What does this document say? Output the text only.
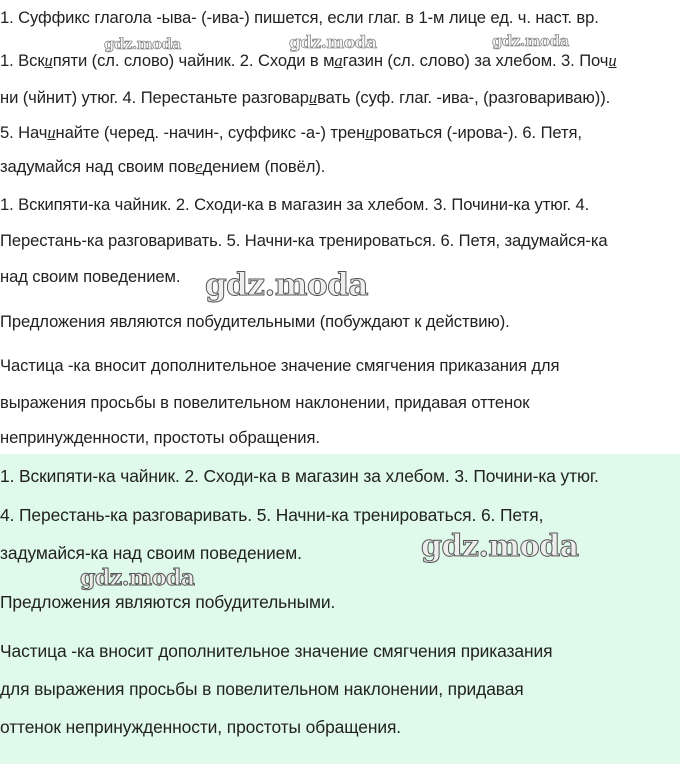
1. Суффикс глагола -ыва- (-ива-) пишется, если глаг. в 1-м лице ед. ч. наст. вр.
1. Вскипяти (сл. слово) чайник. 2. Сходи в магазин (сл. слово) за хлебом. 3. Почи
ни (чйнит) утюг. 4. Перестаньте разговаривать (суф. глаг. -ива-, (разговариваю)).
5. Начинайте (черед. -начин-, суффикс -а-) тренироваться (-ирова-). 6. Петя,
задумайся над своим поведением (повёл).
1. Вскипяти-ка чайник. 2. Сходи-ка в магазин за хлебом. 3. Почини-ка утюг. 4.
Перестань-ка разговаривать. 5. Начни-ка тренироваться. 6. Петя, задумайся-ка
над своим поведением.
Предложения являются побудительными (побуждают к действию).
Частица -ка вносит дополнительное значение смягчения приказания для
выражения просьбы в повелительном наклонении, придавая оттенок
непринужденности, простоты обращения.
1. Вскипяти-ка чайник. 2. Сходи-ка в магазин за хлебом. 3. Почини-ка утюг.
4. Перестань-ка разговаривать. 5. Начни-ка тренироваться. 6. Петя,
задумайся-ка над своим поведением.
Предложения являются побудительными.
Частица -ка вносит дополнительное значение смягчения приказания
для выражения просьбы в повелительном наклонении, придавая
оттенок непринужденности, простоты обращения.
gdz.moda	gdz.moda	gdz.moda
gdz.moda
gdz.moda
gdz.moda
